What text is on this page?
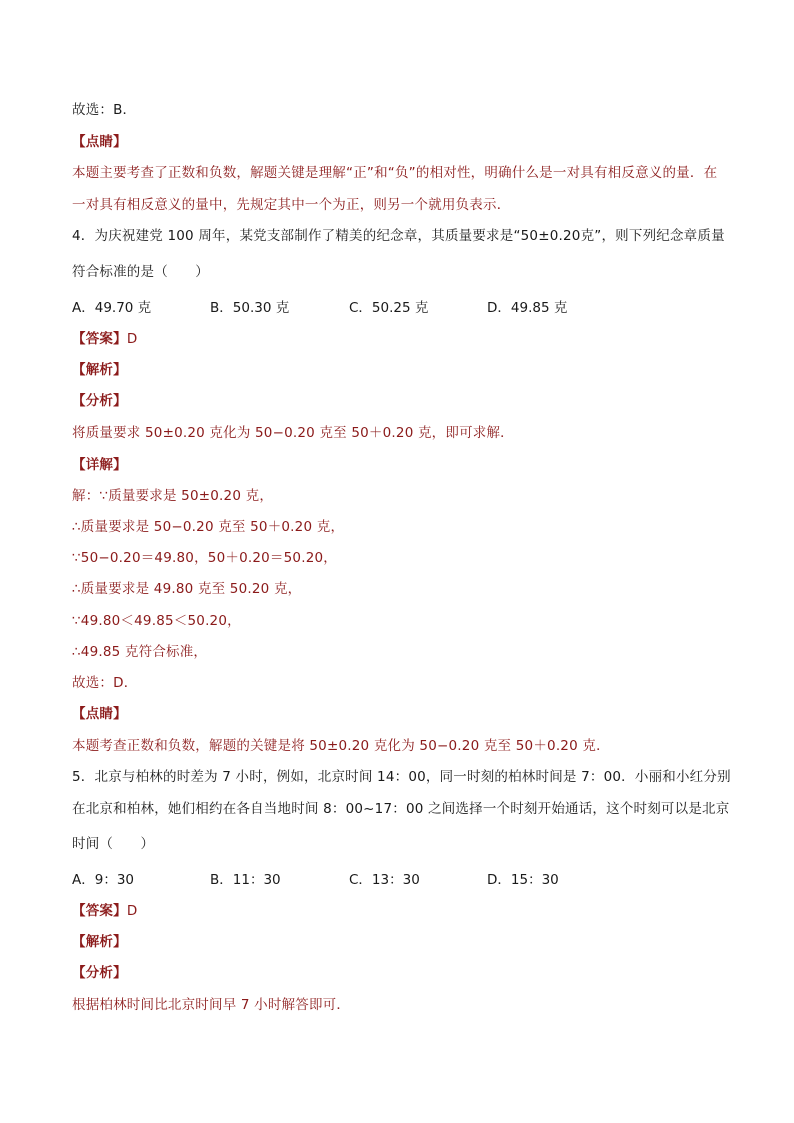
故选：B．
【点睛】
本题主要考查了正数和负数，解题关键是理解“正”和“负”的相对性，明确什么是一对具有相反意义的量．在
一对具有相反意义的量中，先规定其中一个为正，则另一个就用负表示．
4．为庆祝建党 100 周年，某党支部制作了精美的纪念章，其质量要求是“50±0.20克”，则下列纪念章质量
符合标准的是（　　）
A．49.70 克	B．50.30 克	C．50.25 克	D．49.85 克
【答案】D
【解析】
【分析】
将质量要求 50±0.20 克化为 50−0.20 克至 50＋0.20 克，即可求解．
【详解】
解：∵质量要求是 50±0.20 克，
∴质量要求是 50−0.20 克至 50＋0.20 克，
∵50−0.20＝49.80，50＋0.20＝50.20，
∴质量要求是 49.80 克至 50.20 克，
∵49.80＜49.85＜50.20，
∴49.85 克符合标准，
故选：D．
【点睛】
本题考查正数和负数，解题的关键是将 50±0.20 克化为 50−0.20 克至 50＋0.20 克．
5．北京与柏林的时差为 7 小时，例如，北京时间 14：00，同一时刻的柏林时间是 7：00．小丽和小红分别
在北京和柏林，她们相约在各自当地时间 8：00~17：00 之间选择一个时刻开始通话，这个时刻可以是北京
时间（　　）
A．9：30	B．11：30	C．13：30	D．15：30
【答案】D
【解析】
【分析】
根据柏林时间比北京时间早 7 小时解答即可．
